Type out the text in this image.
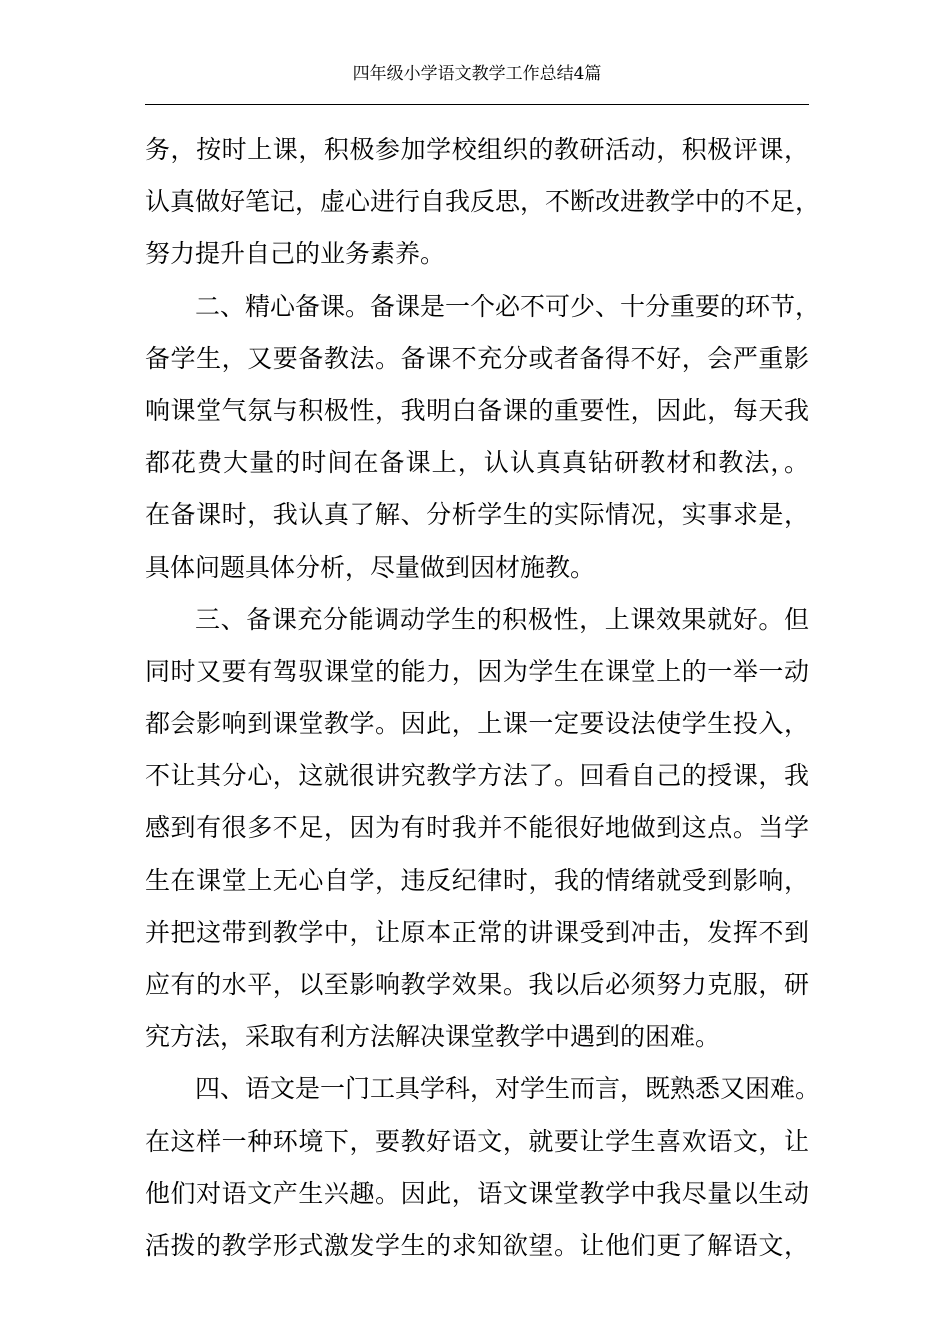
四年级小学语文教学工作总结4篇
务，按时上课，积极参加学校组织的教研活动，积极评课，
认真做好笔记，虚心进行自我反思，不断改进教学中的不足，
努力提升自己的业务素养。
二、精心备课。备课是一个必不可少、十分重要的环节，
备学生，又要备教法。备课不充分或者备得不好，会严重影
响课堂气氛与积极性，我明白备课的重要性，因此，每天我
都花费大量的时间在备课上，认认真真钻研教材和教法，。
在备课时，我认真了解、分析学生的实际情况，实事求是，
具体问题具体分析，尽量做到因材施教。
三、备课充分能调动学生的积极性，上课效果就好。但
同时又要有驾驭课堂的能力，因为学生在课堂上的一举一动
都会影响到课堂教学。因此，上课一定要设法使学生投入，
不让其分心，这就很讲究教学方法了。回看自己的授课，我
感到有很多不足，因为有时我并不能很好地做到这点。当学
生在课堂上无心自学，违反纪律时，我的情绪就受到影响，
并把这带到教学中，让原本正常的讲课受到冲击，发挥不到
应有的水平，以至影响教学效果。我以后必须努力克服，研
究方法，采取有利方法解决课堂教学中遇到的困难。
四、语文是一门工具学科，对学生而言，既熟悉又困难。
在这样一种环境下，要教好语文，就要让学生喜欢语文，让
他们对语文产生兴趣。因此，语文课堂教学中我尽量以生动
活拨的教学形式激发学生的求知欲望。让他们更了解语文，
